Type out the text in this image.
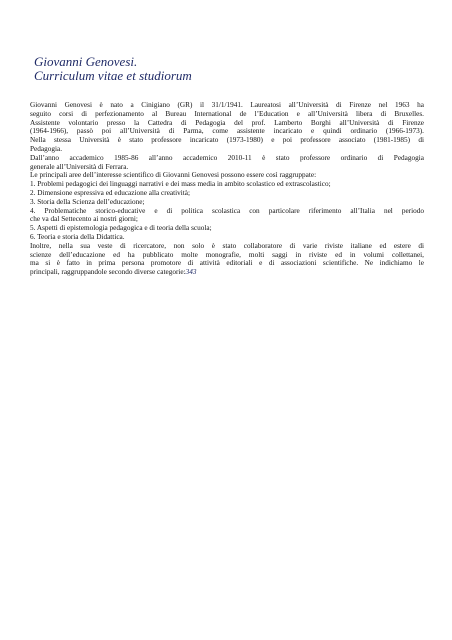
Giovanni Genovesi.
Curriculum vitae et studiorum
Giovanni Genovesi è nato a Cinigiano (GR) il 31/1/1941. Laureatosi all’Università di Firenze nel 1963 ha
seguito corsi di perfezionamento al Bureau International de l’Education e all’Università libera di Bruxelles.
Assistente volontario presso la Cattedra di Pedagogia del prof. Lamberto Borghi all’Università di Firenze
(1964-1966), passò poi all’Università di Parma, come assistente incaricato e quindi ordinario (1966-1973).
Nella stessa Università è stato professore incaricato (1973-1980) e poi professore associato (1981-1985) di
Pedagogia.
Dall’anno accademico 1985-86 all’anno accademico 2010-11 è stato professore ordinario di Pedagogia
generale all’Università di Ferrara.
Le principali aree dell’interesse scientifico di Giovanni Genovesi possono essere così raggruppate:
1. Problemi pedagogici dei linguaggi narrativi e dei mass media in ambito scolastico ed extrascolastico;
2. Dimensione espressiva ed educazione alla creatività;
3. Storia della Scienza dell’educazione;
4. Problematiche storico-educative e di politica scolastica con particolare riferimento all’Italia nel periodo
che va dal Settecento ai nostri giorni;
5. Aspetti di epistemologia pedagogica e di teoria della scuola;
6. Teoria e storia della Didattica.
Inoltre, nella sua veste di ricercatore, non solo è stato collaboratore di varie riviste italiane ed estere di
scienze dell’educazione ed ha pubblicato molte monografie, molti saggi in riviste ed in volumi collettanei,
ma si è fatto in prima persona promotore di attività editoriali e di associazioni scientifiche. Ne indichiamo le
principali, raggruppandole secondo diverse categorie:343
